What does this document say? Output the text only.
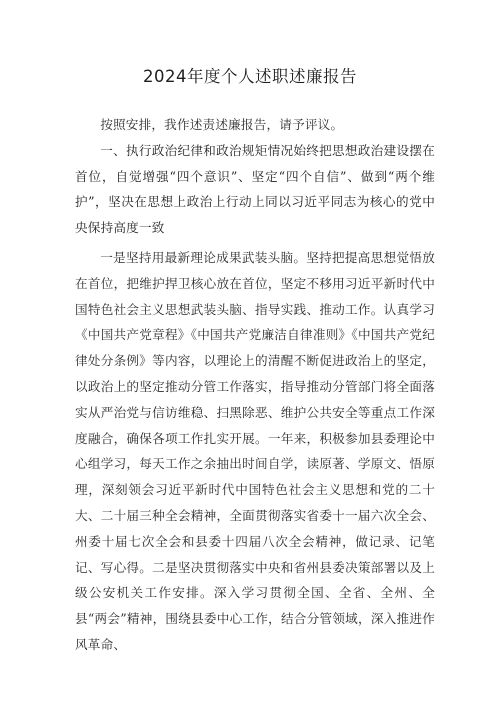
2024年度个人述职述廉报告

按照安排，我作述责述廉报告，请予评议。

一、执行政治纪律和政治规矩情况始终把思想政治建设摆在首位，自觉增强“四个意识”、坚定“四个自信”、做到“两个维护”，坚决在思想上政治上行动上同以习近平同志为核心的党中央保持高度一致

一是坚持用最新理论成果武装头脑。坚持把提高思想觉悟放在首位，把维护捍卫核心放在首位，坚定不移用习近平新时代中国特色社会主义思想武装头脑、指导实践、推动工作。认真学习《中国共产党章程》《中国共产党廉洁自律准则》《中国共产党纪律处分条例》等内容，以理论上的清醒不断促进政治上的坚定，以政治上的坚定推动分管工作落实，指导推动分管部门将全面落实从严治党与信访维稳、扫黑除恶、维护公共安全等重点工作深度融合，确保各项工作扎实开展。一年来，积极参加县委理论中心组学习，每天工作之余抽出时间自学，读原著、学原文、悟原理，深刻领会习近平新时代中国特色社会主义思想和党的二十大、二十届三种全会精神，全面贯彻落实省委十一届六次全会、州委十届七次全会和县委十四届八次全会精神，做记录、记笔记、写心得。二是坚决贯彻落实中央和省州县委决策部署以及上级公安机关工作安排。深入学习贯彻全国、全省、全州、全县“两会”精神，围绕县委中心工作，结合分管领域，深入推进作风革命、
